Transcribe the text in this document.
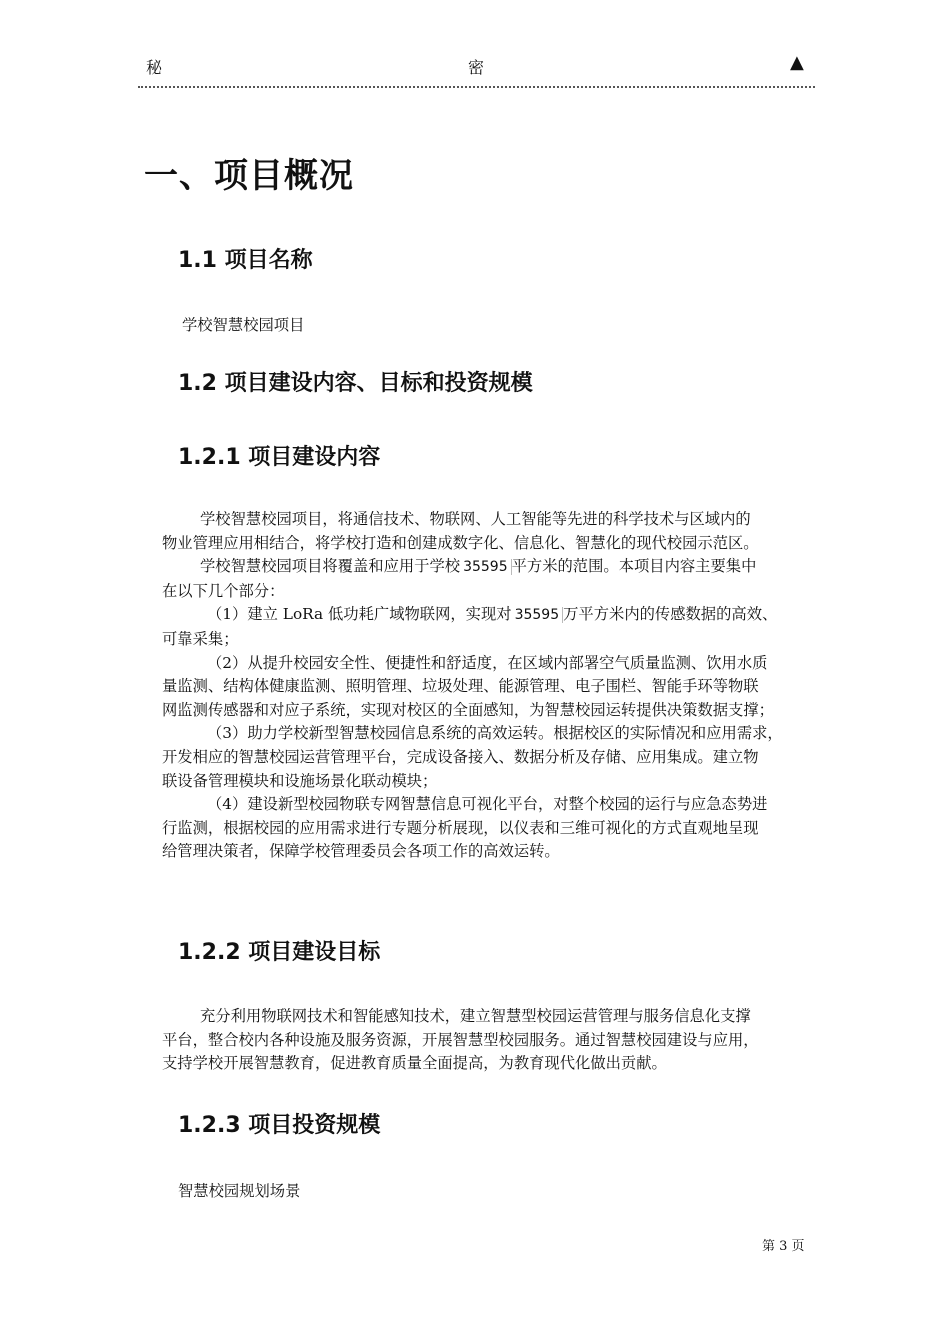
秘	密	▲
一、项目概况
1.1 项目名称
学校智慧校园项目
1.2 项目建设内容、目标和投资规模
1.2.1 项目建设内容
学校智慧校园项目，将通信技术、物联网、人工智能等先进的科学技术与区域内的
物业管理应用相结合，将学校打造和创建成数字化、信息化、智慧化的现代校园示范区。
学校智慧校园项目将覆盖和应用于学校 35595 平方米的范围。本项目内容主要集中
在以下几个部分：
（1）建立 LoRa 低功耗广域物联网，实现对 35595 万平方米内的传感数据的高效、
可靠采集；
（2）从提升校园安全性、便捷性和舒适度，在区域内部署空气质量监测、饮用水质
量监测、结构体健康监测、照明管理、垃圾处理、能源管理、电子围栏、智能手环等物联
网监测传感器和对应子系统，实现对校区的全面感知，为智慧校园运转提供决策数据支撑；
（3）助力学校新型智慧校园信息系统的高效运转。根据校区的实际情况和应用需求，
开发相应的智慧校园运营管理平台，完成设备接入、数据分析及存储、应用集成。建立物
联设备管理模块和设施场景化联动模块；
（4）建设新型校园物联专网智慧信息可视化平台，对整个校园的运行与应急态势进
行监测，根据校园的应用需求进行专题分析展现，以仪表和三维可视化的方式直观地呈现
给管理决策者，保障学校管理委员会各项工作的高效运转。
1.2.2 项目建设目标
充分利用物联网技术和智能感知技术，建立智慧型校园运营管理与服务信息化支撑
平台，整合校内各种设施及服务资源，开展智慧型校园服务。通过智慧校园建设与应用，
支持学校开展智慧教育，促进教育质量全面提高，为教育现代化做出贡献。
1.2.3 项目投资规模
智慧校园规划场景
第 3 页
